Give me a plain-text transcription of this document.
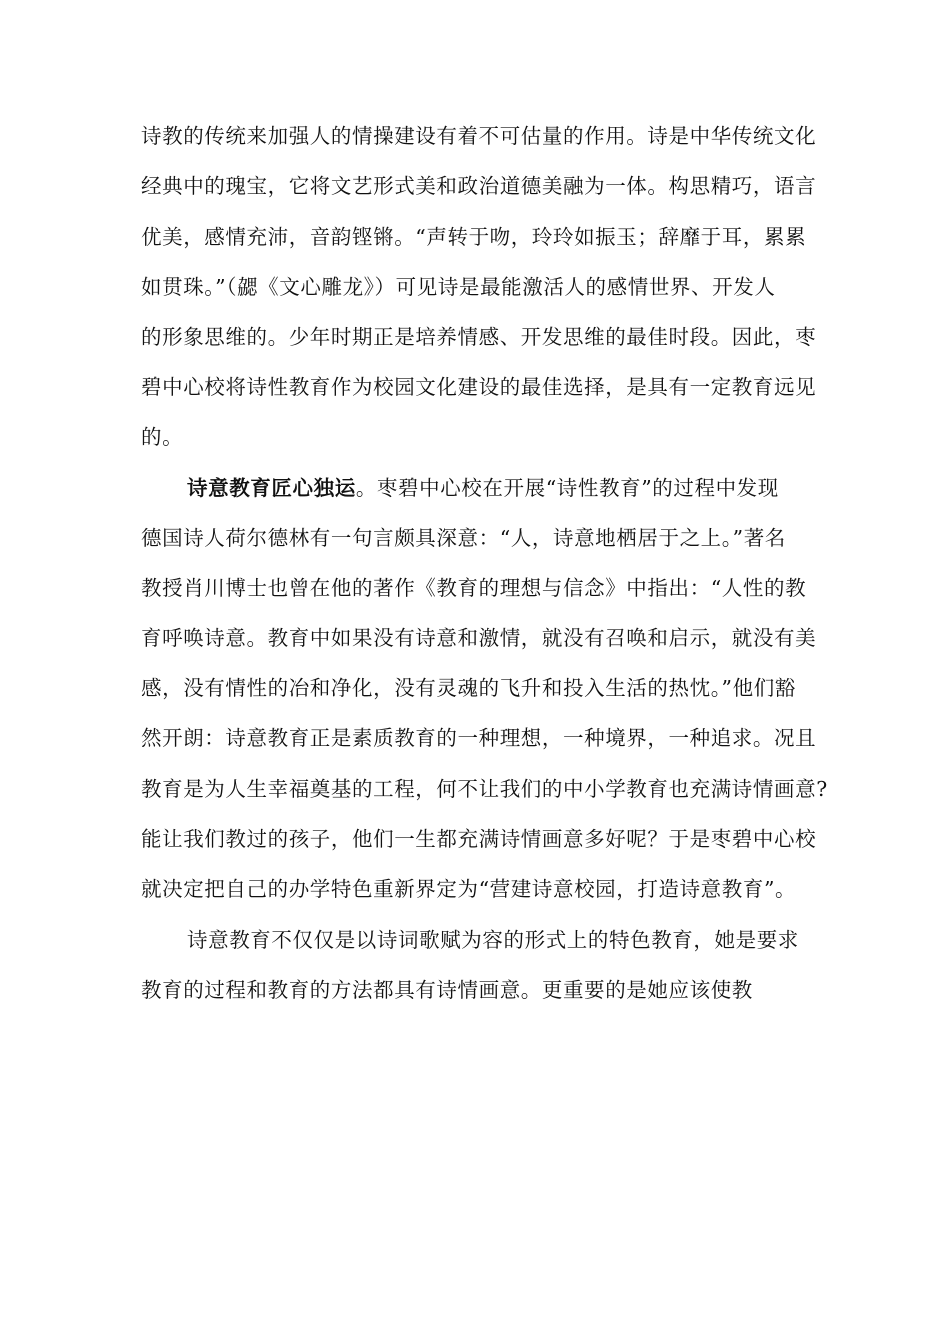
诗教的传统来加强人的情操建设有着不可估量的作用。诗是中华传统文化
经典中的瑰宝，它将文艺形式美和政治道德美融为一体。构思精巧，语言
优美，感情充沛，音韵铿锵。“声转于吻，玲玲如振玉；辞靡于耳，累累
如贯珠。”（勰《文心雕龙》）可见诗是最能激活人的感情世界、开发人
的形象思维的。少年时期正是培养情感、开发思维的最佳时段。因此，枣
碧中心校将诗性教育作为校园文化建设的最佳选择，是具有一定教育远见
的。
诗意教育匠心独运。枣碧中心校在开展“诗性教育”的过程中发现
德国诗人荷尔德林有一句言颇具深意：“人，诗意地栖居于之上。”著名
教授肖川博士也曾在他的著作《教育的理想与信念》中指出：“人性的教
育呼唤诗意。教育中如果没有诗意和激情，就没有召唤和启示，就没有美
感，没有情性的冶和净化，没有灵魂的飞升和投入生活的热忱。”他们豁
然开朗：诗意教育正是素质教育的一种理想，一种境界，一种追求。况且
教育是为人生幸福奠基的工程，何不让我们的中小学教育也充满诗情画意?
能让我们教过的孩子，他们一生都充满诗情画意多好呢？于是枣碧中心校
就决定把自己的办学特色重新界定为“营建诗意校园，打造诗意教育”。
诗意教育不仅仅是以诗词歌赋为容的形式上的特色教育，她是要求
教育的过程和教育的方法都具有诗情画意。更重要的是她应该使教
